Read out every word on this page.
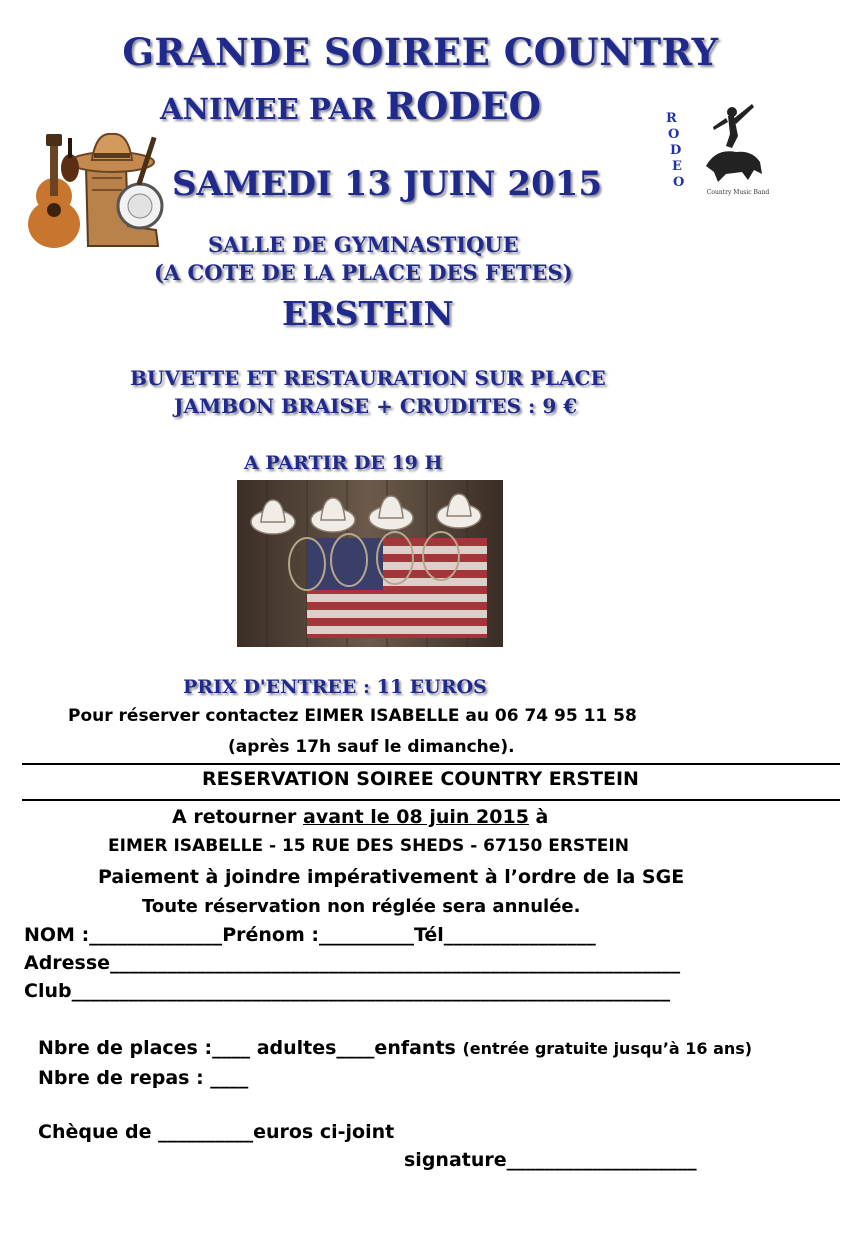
R
O
D
E
O
Country Music Band
GRANDE SOIREE COUNTRY
ANIMEE PAR RODEO
SAMEDI 13 JUIN 2015
SALLE DE GYMNASTIQUE
(A COTE DE LA PLACE DES FETES)
ERSTEIN
BUVETTE ET RESTAURATION SUR PLACE
JAMBON BRAISE + CRUDITES : 9 €
A PARTIR DE 19 H
PRIX D'ENTREE : 11 EUROS
Pour réserver contactez EIMER ISABELLE au 06 74 95 11 58
(après 17h sauf le dimanche).
RESERVATION SOIREE COUNTRY ERSTEIN
A retourner avant le 08 juin 2015 à
EIMER ISABELLE - 15 RUE DES SHEDS - 67150 ERSTEIN
Paiement à joindre impérativement à l’ordre de la SGE
Toute réservation non réglée sera annulée.
NOM :______________Prénom :__________Tél________________
Adresse____________________________________________________________
Club_______________________________________________________________
Nbre de places :____ adultes____enfants (entrée gratuite jusqu’à 16 ans)
Nbre de repas : ____
Chèque de __________euros ci-joint
signature____________________
